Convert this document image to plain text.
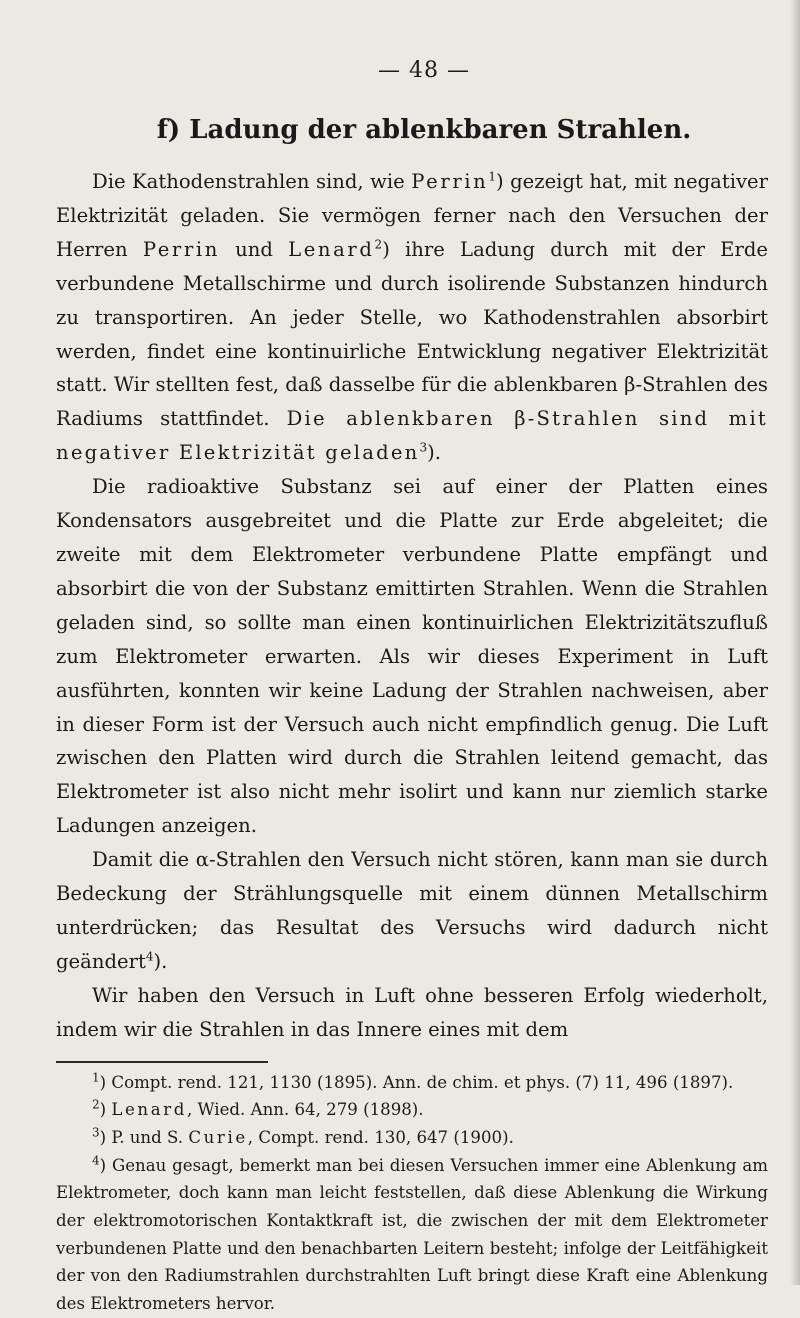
— 48 —
f) Ladung der ablenkbaren Strahlen.

Die Kathodenstrahlen sind, wie Perrin$^1$) gezeigt hat, mit negativer Elektrizität geladen. Sie vermögen ferner nach den Versuchen der Herren Perrin und Lenard$^2$) ihre Ladung durch mit der Erde verbundene Metallschirme und durch isolirende Substanzen hindurch zu transportiren. An jeder Stelle, wo Kathodenstrahlen absorbirt werden, findet eine kontinuirliche Entwicklung negativer Elektrizität statt. Wir stellten fest, daß dasselbe für die ablenkbaren β-Strahlen des Radiums stattfindet. Die ablenkbaren β-Strahlen sind mit negativer Elektrizität geladen$^3$).

Die radioaktive Substanz sei auf einer der Platten eines Kondensators ausgebreitet und die Platte zur Erde abgeleitet; die zweite mit dem Elektrometer verbundene Platte empfängt und absorbirt die von der Substanz emittirten Strahlen. Wenn die Strahlen geladen sind, so sollte man einen kontinuirlichen Elektrizitätszufluß zum Elektrometer erwarten. Als wir dieses Experiment in Luft ausführten, konnten wir keine Ladung der Strahlen nachweisen, aber in dieser Form ist der Versuch auch nicht empfindlich genug. Die Luft zwischen den Platten wird durch die Strahlen leitend gemacht, das Elektrometer ist also nicht mehr isolirt und kann nur ziemlich starke Ladungen anzeigen.

Damit die α-Strahlen den Versuch nicht stören, kann man sie durch Bedeckung der Strählungsquelle mit einem dünnen Metallschirm unterdrücken; das Resultat des Versuchs wird dadurch nicht geändert$^4$).

Wir haben den Versuch in Luft ohne besseren Erfolg wiederholt, indem wir die Strahlen in das Innere eines mit dem

$^1$) Compt. rend. 121, 1130 (1895). Ann. de chim. et phys. (7) 11, 496 (1897).

$^2$) Lenard, Wied. Ann. 64, 279 (1898).

$^3$) P. und S. Curie, Compt. rend. 130, 647 (1900).

$^4$) Genau gesagt, bemerkt man bei diesen Versuchen immer eine Ablenkung am Elektrometer, doch kann man leicht feststellen, daß diese Ablenkung die Wirkung der elektromotorischen Kontaktkraft ist, die zwischen der mit dem Elektrometer verbundenen Platte und den benachbarten Leitern besteht; infolge der Leitfähigkeit der von den Radiumstrahlen durchstrahlten Luft bringt diese Kraft eine Ablenkung des Elektrometers hervor.
